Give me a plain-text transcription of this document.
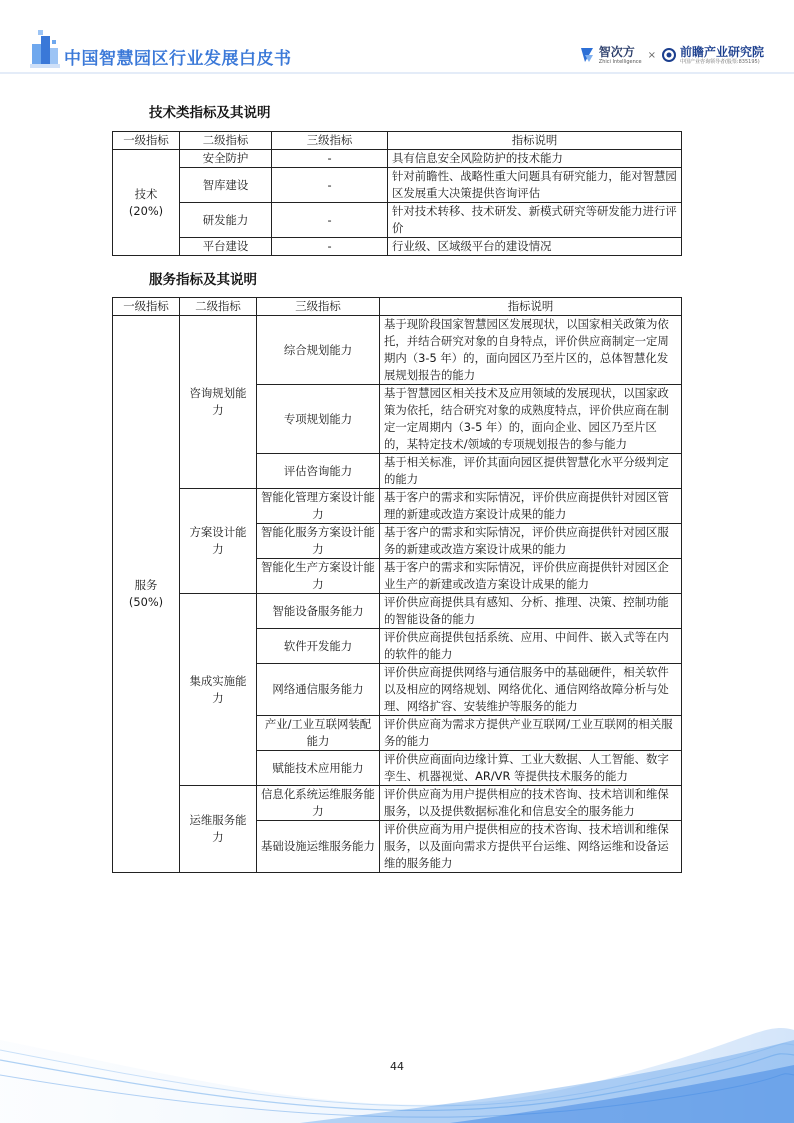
中国智慧园区行业发展白皮书	智次方
Zhici Intelligence
× 前瞻产业研究院
中国产业咨询领导者(股票:835195)
技术类指标及其说明
一级指标	二级指标	三级指标	指标说明

技术
(20%)	安全防护	-	具有信息安全风险防护的技术能力
	智库建设	-	针对前瞻性、战略性重大问题具有研究能力，能对智慧园区发展重大决策提供咨询评估
	研发能力	-	针对技术转移、技术研发、新模式研究等研发能力进行评价
	平台建设	-	行业级、区域级平台的建设情况
服务指标及其说明
一级指标	二级指标	三级指标	指标说明

服务
(50%)	咨询规划能力	综合规划能力	基于现阶段国家智慧园区发展现状，以国家相关政策为依托，并结合研究对象的自身特点，评价供应商制定一定周期内（3-5 年）的，面向园区乃至片区的，总体智慧化发展规划报告的能力
		专项规划能力	基于智慧园区相关技术及应用领域的发展现状，以国家政策为依托，结合研究对象的成熟度特点，评价供应商在制定一定周期内（3-5 年）的，面向企业、园区乃至片区的，某特定技术/领域的专项规划报告的参与能力
		评估咨询能力	基于相关标准，评价其面向园区提供智慧化水平分级判定的能力
	方案设计能力	智能化管理方案设计能力	基于客户的需求和实际情况，评价供应商提供针对园区管理的新建或改造方案设计成果的能力
		智能化服务方案设计能力	基于客户的需求和实际情况，评价供应商提供针对园区服务的新建或改造方案设计成果的能力
		智能化生产方案设计能力	基于客户的需求和实际情况，评价供应商提供针对园区企业生产的新建或改造方案设计成果的能力
	集成实施能力	智能设备服务能力	评价供应商提供具有感知、分析、推理、决策、控制功能的智能设备的能力
		软件开发能力	评价供应商提供包括系统、应用、中间件、嵌入式等在内的软件的能力
		网络通信服务能力	评价供应商提供网络与通信服务中的基础硬件，相关软件以及相应的网络规划、网络优化、通信网络故障分析与处理、网络扩容、安装维护等服务的能力
		产业/工业互联网装配能力	评价供应商为需求方提供产业互联网/工业互联网的相关服务的能力
		赋能技术应用能力	评价供应商面向边缘计算、工业大数据、人工智能、数字孪生、机器视觉、AR/VR 等提供技术服务的能力
	运维服务能力	信息化系统运维服务能力	评价供应商为用户提供相应的技术咨询、技术培训和维保服务，以及提供数据标准化和信息安全的服务能力
		基础设施运维服务能力	评价供应商为用户提供相应的技术咨询、技术培训和维保服务，以及面向需求方提供平台运维、网络运维和设备运维的服务能力
44
